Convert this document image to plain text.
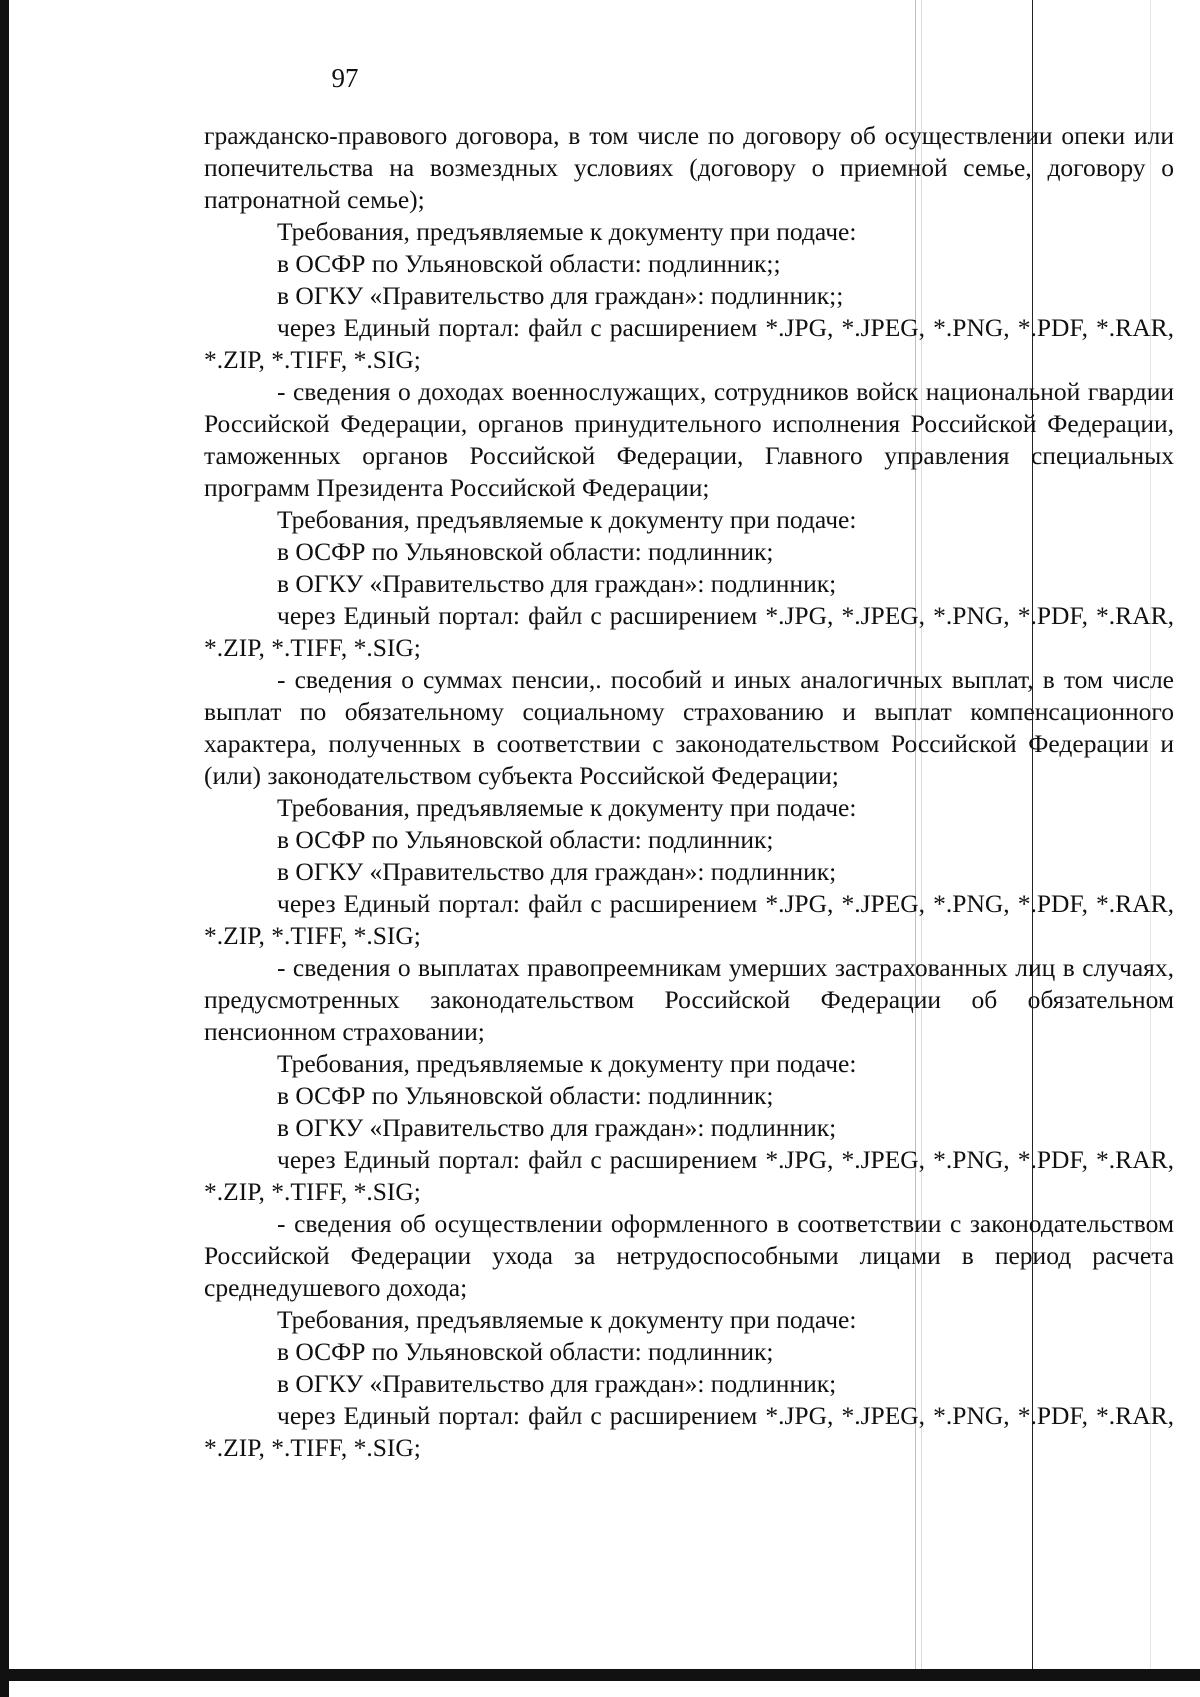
97

гражданско-правового договора, в том числе по договору об осуществлении опеки или попечительства на возмездных условиях (договору о приемной семье, договору о патронатной семье);

Требования, предъявляемые к документу при подаче:

в ОСФР по Ульяновской области: подлинник;;

в ОГКУ «Правительство для граждан»: подлинник;;

через Единый портал: файл с расширением *.JPG, *.JPEG, *.PNG, *.PDF, *.RAR, *.ZIP, *.TIFF, *.SIG;

- сведения о доходах военнослужащих, сотрудников войск национальной гвардии Российской Федерации, органов принудительного исполнения Российской Федерации, таможенных органов Российской Федерации, Главного управления специальных программ Президента Российской Федерации;

Требования, предъявляемые к документу при подаче:

в ОСФР по Ульяновской области: подлинник;

в ОГКУ «Правительство для граждан»: подлинник;

через Единый портал: файл с расширением *.JPG, *.JPEG, *.PNG, *.PDF, *.RAR, *.ZIP, *.TIFF, *.SIG;

- сведения о суммах пенсии,. пособий и иных аналогичных выплат, в том числе выплат по обязательному социальному страхованию и выплат компенсационного характера, полученных в соответствии с законодательством Российской Федерации и (или) законодательством субъекта Российской Федерации;

Требования, предъявляемые к документу при подаче:

в ОСФР по Ульяновской области: подлинник;

в ОГКУ «Правительство для граждан»: подлинник;

через Единый портал: файл с расширением *.JPG, *.JPEG, *.PNG, *.PDF, *.RAR, *.ZIP, *.TIFF, *.SIG;

- сведения о выплатах правопреемникам умерших застрахованных лиц в случаях, предусмотренных законодательством Российской Федерации об обязательном пенсионном страховании;

Требования, предъявляемые к документу при подаче:

в ОСФР по Ульяновской области: подлинник;

в ОГКУ «Правительство для граждан»: подлинник;

через Единый портал: файл с расширением *.JPG, *.JPEG, *.PNG, *.PDF, *.RAR, *.ZIP, *.TIFF, *.SIG;

- сведения об осуществлении оформленного в соответствии с законодательством Российской Федерации ухода за нетрудоспособными лицами в период расчета среднедушевого дохода;

Требования, предъявляемые к документу при подаче:

в ОСФР по Ульяновской области: подлинник;

в ОГКУ «Правительство для граждан»: подлинник;

через Единый портал: файл с расширением *.JPG, *.JPEG, *.PNG, *.PDF, *.RAR, *.ZIP, *.TIFF, *.SIG;
